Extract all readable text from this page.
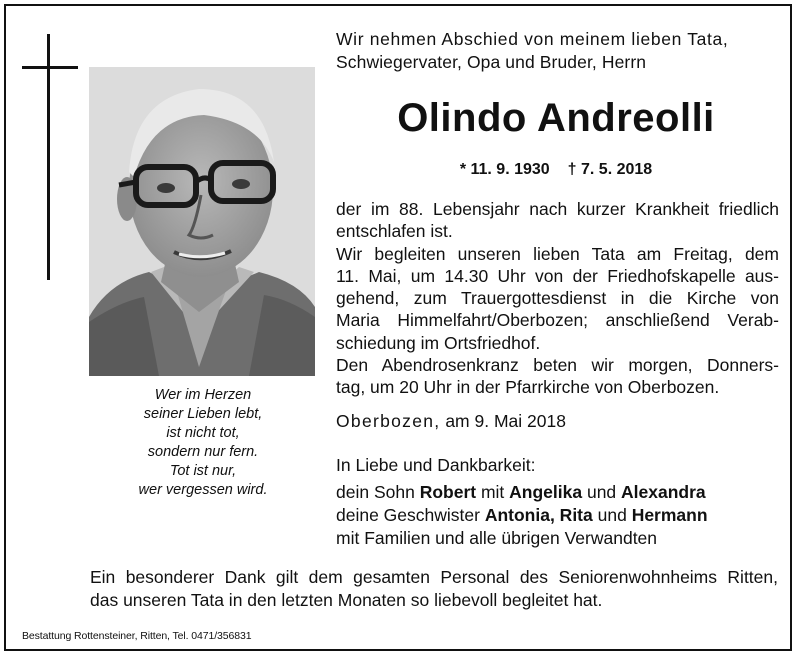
Wer im Herzen
seiner Lieben lebt,
ist nicht tot,
sondern nur fern.
Tot ist nur,
wer vergessen wird.
Wir nehmen Abschied von meinem lieben Tata,
Schwiegervater, Opa und Bruder, Herrn
Olindo Andreolli
* 11. 9. 1930 † 7. 5. 2018
der im 88. Lebensjahr nach kurzer Krankheit friedlich
entschlafen ist.
Wir begleiten unseren lieben Tata am Freitag, dem
11. Mai, um 14.30 Uhr von der Friedhofskapelle aus-
gehend, zum Trauergottesdienst in die Kirche von
Maria Himmelfahrt/Oberbozen; anschließend Verab-
schiedung im Ortsfriedhof.
Den Abendrosenkranz beten wir morgen, Donners-
tag, um 20 Uhr in der Pfarrkirche von Oberbozen.
Oberbozen, am 9. Mai 2018
In Liebe und Dankbarkeit:
dein Sohn Robert mit Angelika und Alexandra
deine Geschwister Antonia, Rita und Hermann
mit Familien und alle übrigen Verwandten
Ein besonderer Dank gilt dem gesamten Personal des Seniorenwohnheims Ritten,
das unseren Tata in den letzten Monaten so liebevoll begleitet hat.
Bestattung Rottensteiner, Ritten, Tel. 0471/356831
